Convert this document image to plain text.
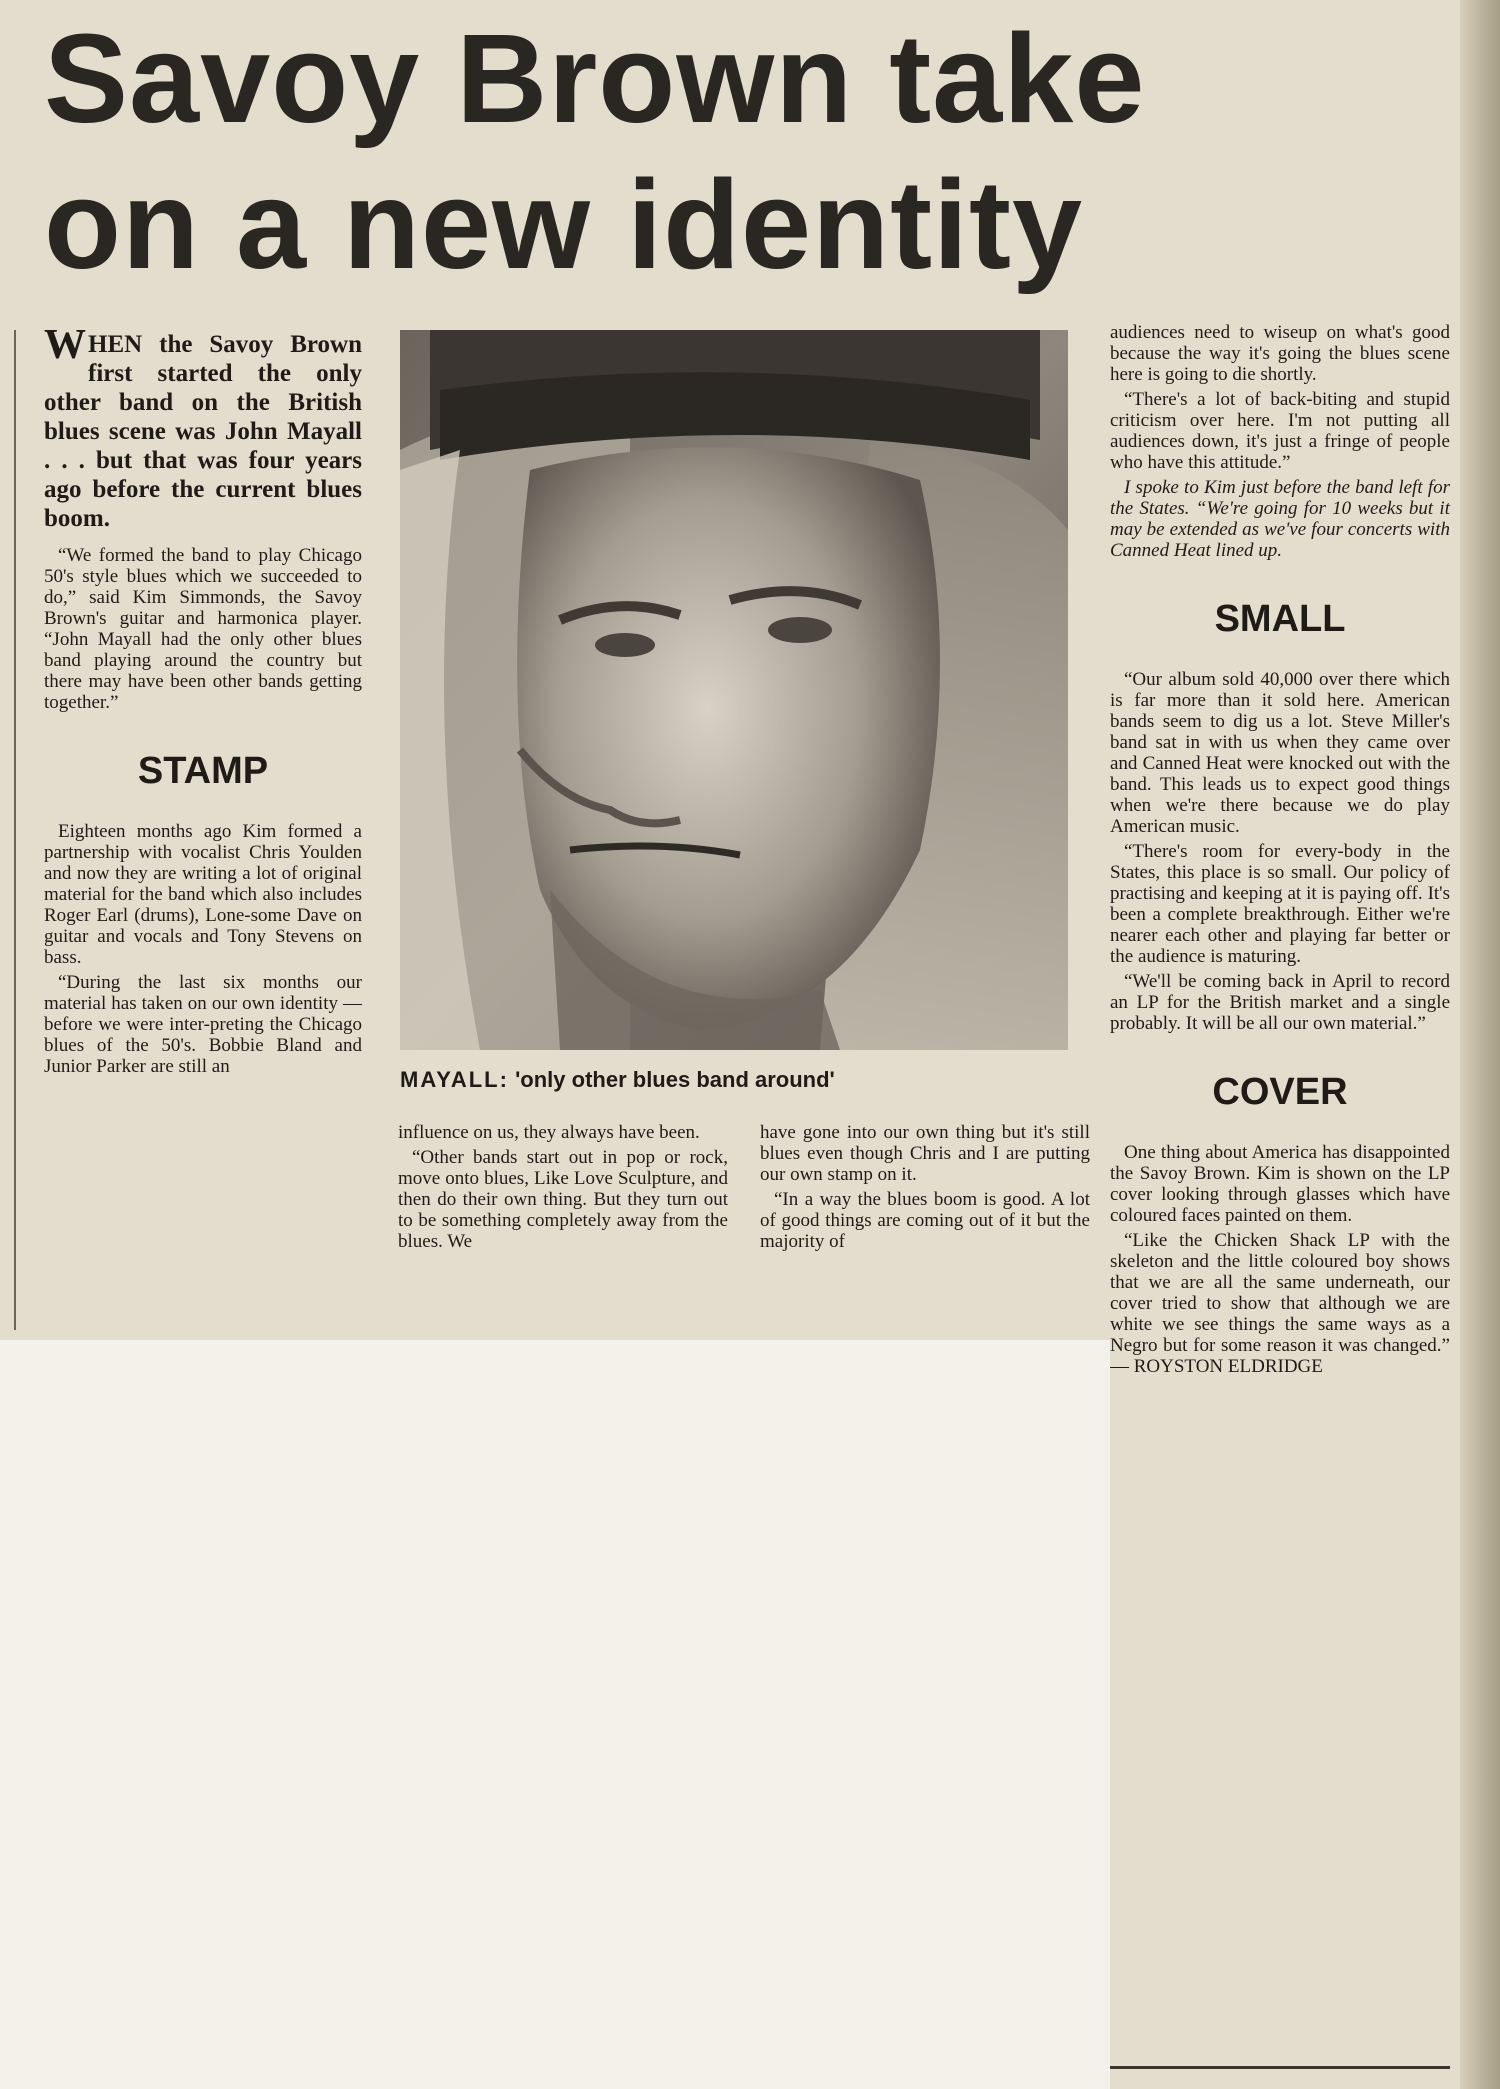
Savoy Brown take
on a new identity

WHEN the Savoy Brown first started the only other band on the British blues scene was John Mayall . . . but that was four years ago before the current blues boom.

“We formed the band to play Chicago 50's style blues which we succeeded to do,” said Kim Simmonds, the Savoy Brown's guitar and harmonica player. “John Mayall had the only other blues band playing around the country but there may have been other bands getting together.”

STAMP

Eighteen months ago Kim formed a partnership with vocalist Chris Youlden and now they are writing a lot of original material for the band which also includes Roger Earl (drums), Lone-some Dave on guitar and vocals and Tony Stevens on bass.

“During the last six months our material has taken on our own identity — before we were inter-preting the Chicago blues of the 50's. Bobbie Bland and Junior Parker are still an

MAYALL: 'only other blues band around'

influence on us, they always have been.

“Other bands start out in pop or rock, move onto blues, Like Love Sculpture, and then do their own thing. But they turn out to be something completely away from the blues. We

have gone into our own thing but it's still blues even though Chris and I are putting our own stamp on it.

“In a way the blues boom is good. A lot of good things are coming out of it but the majority of

audiences need to wiseup on what's good because the way it's going the blues scene here is going to die shortly.

“There's a lot of back-biting and stupid criticism over here. I'm not putting all audiences down, it's just a fringe of people who have this attitude.”

I spoke to Kim just before the band left for the States. “We're going for 10 weeks but it may be extended as we've four concerts with Canned Heat lined up.

SMALL

“Our album sold 40,000 over there which is far more than it sold here. American bands seem to dig us a lot. Steve Miller's band sat in with us when they came over and Canned Heat were knocked out with the band. This leads us to expect good things when we're there because we do play American music.

“There's room for every-body in the States, this place is so small. Our policy of practising and keeping at it is paying off. It's been a complete breakthrough. Either we're nearer each other and playing far better or the audience is maturing.

“We'll be coming back in April to record an LP for the British market and a single probably. It will be all our own material.”

COVER

One thing about America has disappointed the Savoy Brown. Kim is shown on the LP cover looking through glasses which have coloured faces painted on them.

“Like the Chicken Shack LP with the skeleton and the little coloured boy shows that we are all the same underneath, our cover tried to show that although we are white we see things the same ways as a Negro but for some reason it was changed.” — ROYSTON ELDRIDGE
